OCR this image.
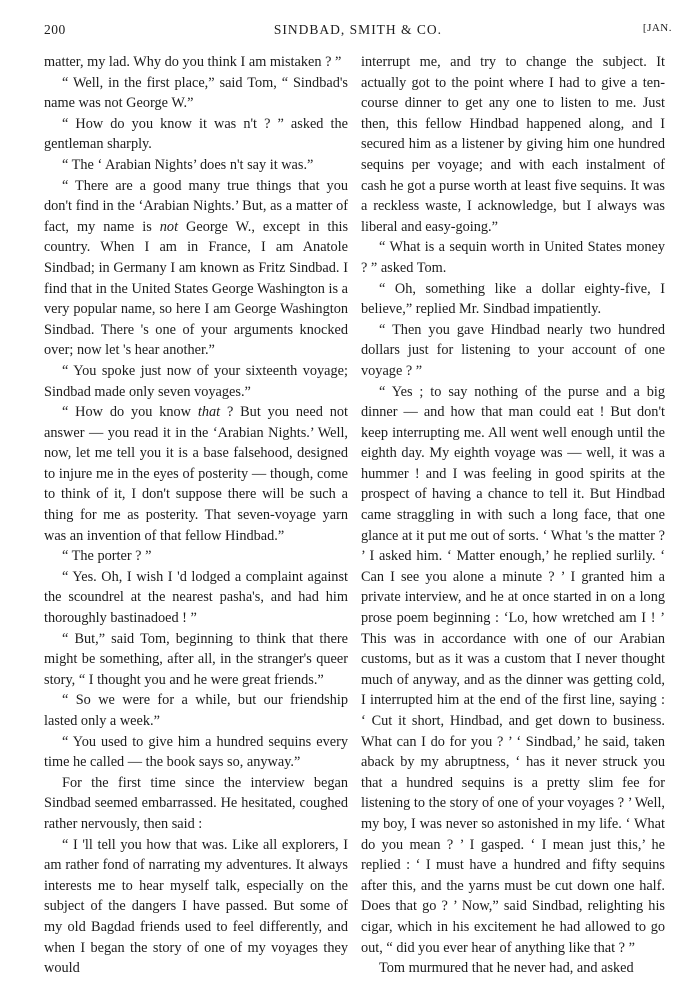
200	SINDBAD, SMITH & CO.	[JAN.

matter, my lad. Why do you think I am mistaken ? ”

“ Well, in the first place,” said Tom, “ Sindbad's name was not George W.”

“ How do you know it was n't ? ” asked the gentleman sharply.

“ The ‘ Arabian Nights’ does n't say it was.”

“ There are a good many true things that you don't find in the ‘Arabian Nights.’ But, as a matter of fact, my name is not George W., except in this country. When I am in France, I am Anatole Sindbad; in Germany I am known as Fritz Sindbad. I find that in the United States George Washington is a very popular name, so here I am George Washington Sindbad. There 's one of your arguments knocked over; now let 's hear another.”

“ You spoke just now of your sixteenth voyage; Sindbad made only seven voyages.”

“ How do you know that ? But you need not answer — you read it in the ‘Arabian Nights.’ Well, now, let me tell you it is a base falsehood, designed to injure me in the eyes of posterity — though, come to think of it, I don't suppose there will be such a thing for me as posterity. That seven-voyage yarn was an invention of that fellow Hindbad.”

“ The porter ? ”

“ Yes. Oh, I wish I 'd lodged a complaint against the scoundrel at the nearest pasha's, and had him thoroughly bastinadoed ! ”

“ But,” said Tom, beginning to think that there might be something, after all, in the stranger's queer story, “ I thought you and he were great friends.”

“ So we were for a while, but our friendship lasted only a week.”

“ You used to give him a hundred sequins every time he called — the book says so, anyway.”

For the first time since the interview began Sindbad seemed embarrassed. He hesitated, coughed rather nervously, then said :

“ I 'll tell you how that was. Like all explorers, I am rather fond of narrating my adventures. It always interests me to hear myself talk, especially on the subject of the dangers I have passed. But some of my old Bagdad friends used to feel differently, and when I began the story of one of my voyages they would

interrupt me, and try to change the subject. It actually got to the point where I had to give a ten-course dinner to get any one to listen to me. Just then, this fellow Hindbad happened along, and I secured him as a listener by giving him one hundred sequins per voyage; and with each instalment of cash he got a purse worth at least five sequins. It was a reckless waste, I acknowledge, but I always was liberal and easy-going.”

“ What is a sequin worth in United States money ? ” asked Tom.

“ Oh, something like a dollar eighty-five, I believe,” replied Mr. Sindbad impatiently.

“ Then you gave Hindbad nearly two hundred dollars just for listening to your account of one voyage ? ”

“ Yes ; to say nothing of the purse and a big dinner — and how that man could eat ! But don't keep interrupting me. All went well enough until the eighth day. My eighth voyage was — well, it was a hummer ! and I was feeling in good spirits at the prospect of having a chance to tell it. But Hindbad came straggling in with such a long face, that one glance at it put me out of sorts. ‘ What 's the matter ? ’ I asked him. ‘ Matter enough,’ he replied surlily. ‘ Can I see you alone a minute ? ’ I granted him a private interview, and he at once started in on a long prose poem beginning : ‘Lo, how wretched am I ! ’ This was in accordance with one of our Arabian customs, but as it was a custom that I never thought much of anyway, and as the dinner was getting cold, I interrupted him at the end of the first line, saying : ‘ Cut it short, Hindbad, and get down to business. What can I do for you ? ’ ‘ Sindbad,’ he said, taken aback by my abruptness, ‘ has it never struck you that a hundred sequins is a pretty slim fee for listening to the story of one of your voyages ? ’ Well, my boy, I was never so astonished in my life. ‘ What do you mean ? ’ I gasped. ‘ I mean just this,’ he replied : ‘ I must have a hundred and fifty sequins after this, and the yarns must be cut down one half. Does that go ? ’ Now,” said Sindbad, relighting his cigar, which in his excitement he had allowed to go out, “ did you ever hear of anything like that ? ”

Tom murmured that he never had, and asked
